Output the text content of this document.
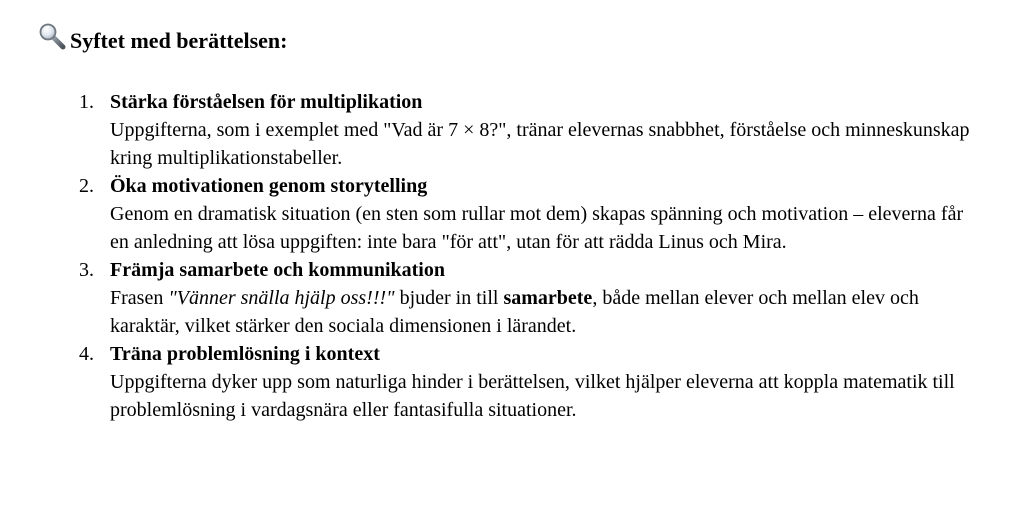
Syftet med berättelsen:
1. Stärka förståelsen för multiplikation
Uppgifterna, som i exemplet med "Vad är 7 × 8?", tränar elevernas snabbhet, förståelse och minneskunskap kring multiplikationstabeller.
2. Öka motivationen genom storytelling
Genom en dramatisk situation (en sten som rullar mot dem) skapas spänning och motivation – eleverna får en anledning att lösa uppgiften: inte bara "för att", utan för att rädda Linus och Mira.
3. Främja samarbete och kommunikation
Frasen "Vänner snälla hjälp oss!!!" bjuder in till samarbete, både mellan elever och mellan elev och karaktär, vilket stärker den sociala dimensionen i lärandet.
4. Träna problemlösning i kontext
Uppgifterna dyker upp som naturliga hinder i berättelsen, vilket hjälper eleverna att koppla matematik till problemlösning i vardagsnära eller fantasifulla situationer.
